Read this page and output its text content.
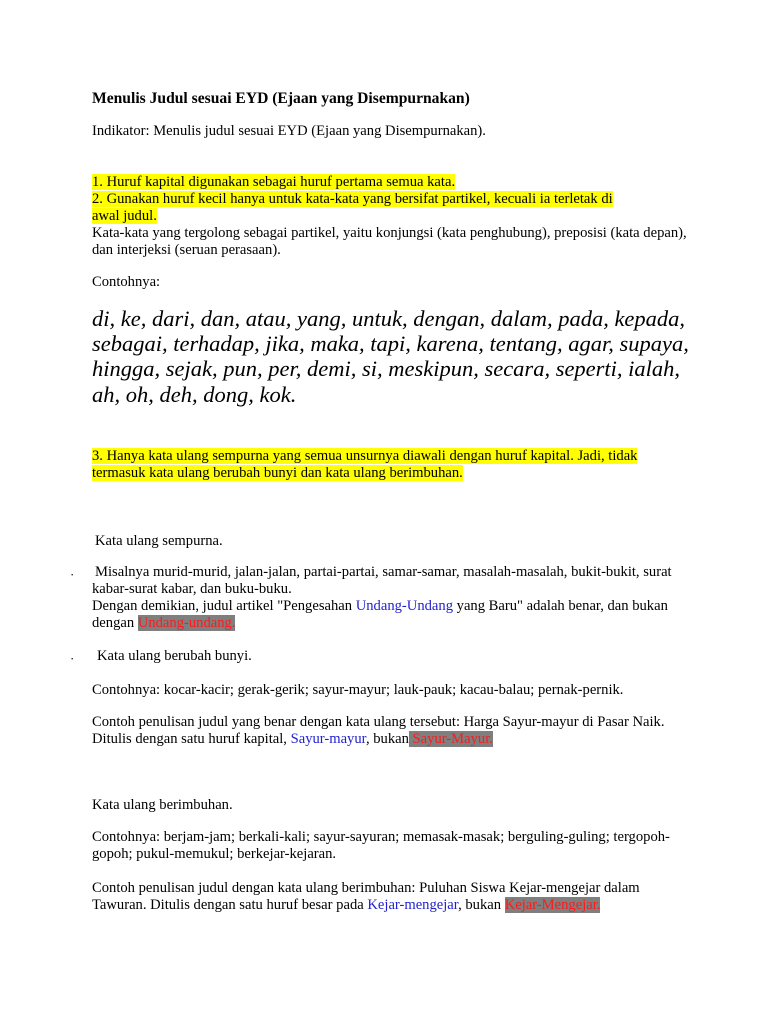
Menulis Judul sesuai EYD (Ejaan yang Disempurnakan)

Indikator: Menulis judul sesuai EYD (Ejaan yang Disempurnakan).

1. Huruf kapital digunakan sebagai huruf pertama semua kata.
2. Gunakan huruf kecil hanya untuk kata-kata yang bersifat partikel, kecuali ia terletak di
awal judul.
Kata-kata yang tergolong sebagai partikel, yaitu konjungsi (kata penghubung), preposisi (kata depan), dan interjeksi (seruan perasaan).

Contohnya:

di, ke, dari, dan, atau, yang, untuk, dengan, dalam, pada, kepada, sebagai, terhadap, jika, maka, tapi, karena, tentang, agar, supaya, hingga, sejak, pun, per, demi, si, meskipun, secara, seperti, ialah, ah, oh, deh, dong, kok.

3. Hanya kata ulang sempurna yang semua unsurnya diawali dengan huruf kapital. Jadi, tidak
termasuk kata ulang berubah bunyi dan kata ulang berimbuhan.

Kata ulang sempurna.

· Misalnya murid-murid, jalan-jalan, partai-partai, samar-samar, masalah-masalah, bukit-bukit, surat kabar-surat kabar, dan buku-buku.
Dengan demikian, judul artikel "Pengesahan Undang-Undang yang Baru" adalah benar, dan bukan dengan Undang-undang.
· Kata ulang berubah bunyi.

Contohnya: kocar-kacir; gerak-gerik; sayur-mayur; lauk-pauk; kacau-balau; pernak-pernik.

Contoh penulisan judul yang benar dengan kata ulang tersebut: Harga Sayur-mayur di Pasar Naik. Ditulis dengan satu huruf kapital, Sayur-mayur, bukan Sayur-Mayur.

Kata ulang berimbuhan.

Contohnya: berjam-jam; berkali-kali; sayur-sayuran; memasak-masak; berguling-guling; tergopoh-gopoh; pukul-memukul; berkejar-kejaran.

Contoh penulisan judul dengan kata ulang berimbuhan: Puluhan Siswa Kejar-mengejar dalam Tawuran. Ditulis dengan satu huruf besar pada Kejar-mengejar, bukan Kejar-Mengejar.
